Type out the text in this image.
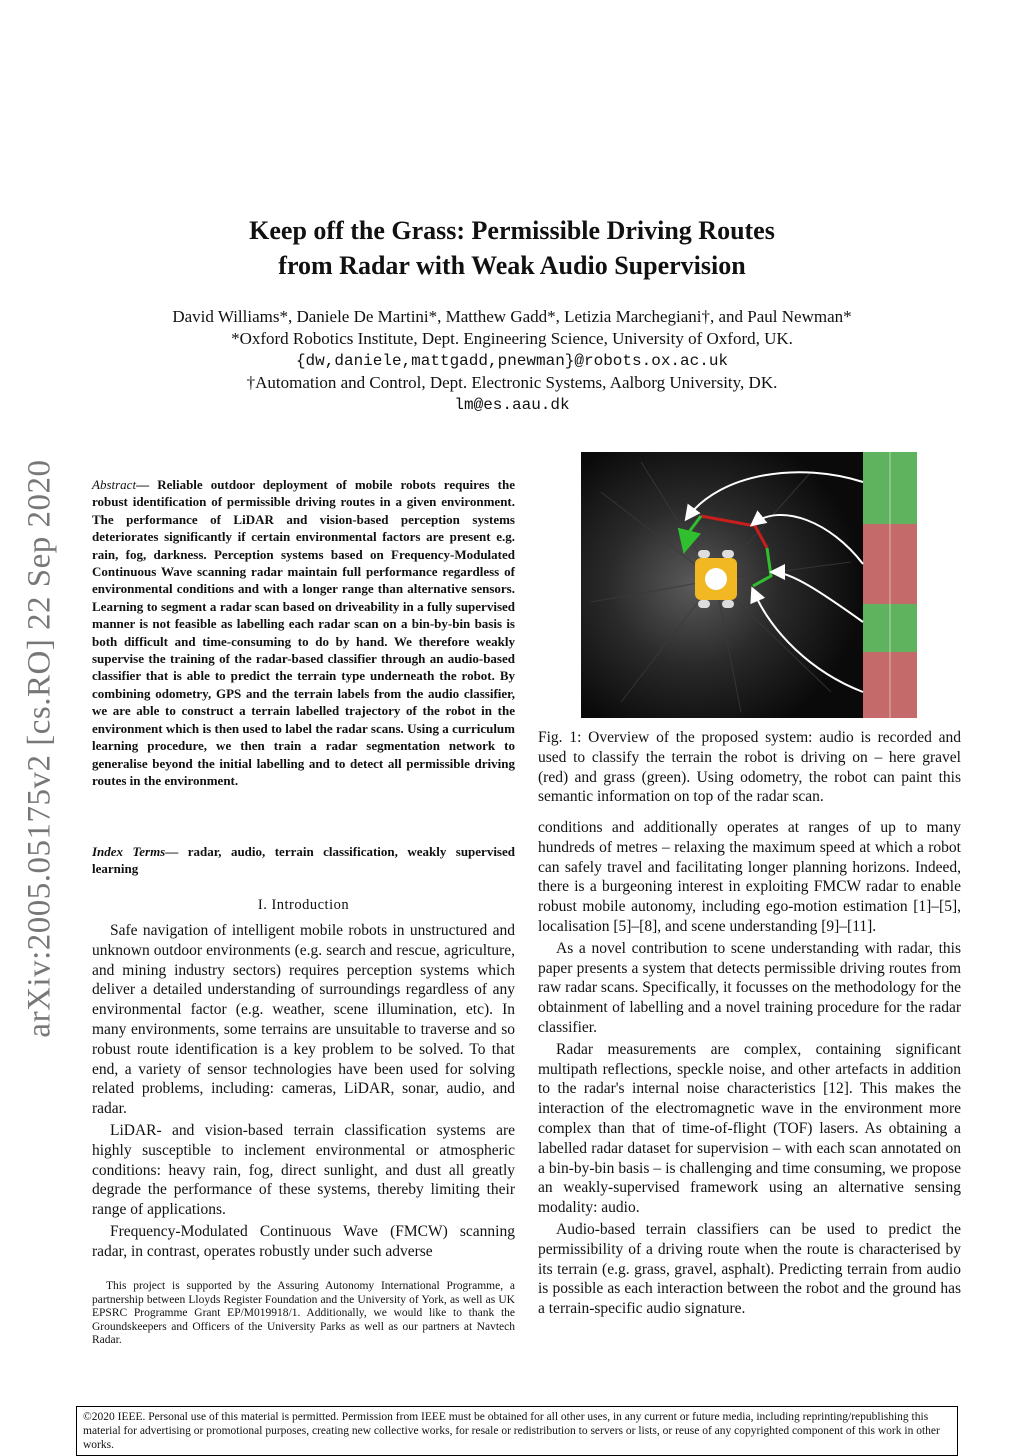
arXiv:2005.05175v2 [cs.RO] 22 Sep 2020
Keep off the Grass: Permissible Driving Routes
from Radar with Weak Audio Supervision
David Williams*, Daniele De Martini*, Matthew Gadd*, Letizia Marchegiani†, and Paul Newman*
*Oxford Robotics Institute, Dept. Engineering Science, University of Oxford, UK.
{dw,daniele,mattgadd,pnewman}@robots.ox.ac.uk
†Automation and Control, Dept. Electronic Systems, Aalborg University, DK.
lm@es.aau.dk
Abstract— Reliable outdoor deployment of mobile robots requires the robust identification of permissible driving routes in a given environment. The performance of LiDAR and vision-based perception systems deteriorates significantly if certain environmental factors are present e.g. rain, fog, darkness. Perception systems based on Frequency-Modulated Continuous Wave scanning radar maintain full performance regardless of environmental conditions and with a longer range than alternative sensors. Learning to segment a radar scan based on driveability in a fully supervised manner is not feasible as labelling each radar scan on a bin-by-bin basis is both difficult and time-consuming to do by hand. We therefore weakly supervise the training of the radar-based classifier through an audio-based classifier that is able to predict the terrain type underneath the robot. By combining odometry, GPS and the terrain labels from the audio classifier, we are able to construct a terrain labelled trajectory of the robot in the environment which is then used to label the radar scans. Using a curriculum learning procedure, we then train a radar segmentation network to generalise beyond the initial labelling and to detect all permissible driving routes in the environment.
Index Terms— radar, audio, terrain classification, weakly supervised learning
I. Introduction

Safe navigation of intelligent mobile robots in unstructured and unknown outdoor environments (e.g. search and rescue, agriculture, and mining industry sectors) requires perception systems which deliver a detailed understanding of surroundings regardless of any environmental factor (e.g. weather, scene illumination, etc). In many environments, some terrains are unsuitable to traverse and so robust route identification is a key problem to be solved. To that end, a variety of sensor technologies have been used for solving related problems, including: cameras, LiDAR, sonar, audio, and radar.

LiDAR- and vision-based terrain classification systems are highly susceptible to inclement environmental or atmospheric conditions: heavy rain, fog, direct sunlight, and dust all greatly degrade the performance of these systems, thereby limiting their range of applications.

Frequency-Modulated Continuous Wave (FMCW) scanning radar, in contrast, operates robustly under such adverse

This project is supported by the Assuring Autonomy International Programme, a partnership between Lloyds Register Foundation and the University of York, as well as UK EPSRC Programme Grant EP/M019918/1. Additionally, we would like to thank the Groundskeepers and Officers of the University Parks as well as our partners at Navtech Radar.

Fig. 1: Overview of the proposed system: audio is recorded and used to classify the terrain the robot is driving on – here gravel (red) and grass (green). Using odometry, the robot can paint this semantic information on top of the radar scan.

conditions and additionally operates at ranges of up to many hundreds of metres – relaxing the maximum speed at which a robot can safely travel and facilitating longer planning horizons. Indeed, there is a burgeoning interest in exploiting FMCW radar to enable robust mobile autonomy, including ego-motion estimation [1]–[5], localisation [5]–[8], and scene understanding [9]–[11].

As a novel contribution to scene understanding with radar, this paper presents a system that detects permissible driving routes from raw radar scans. Specifically, it focusses on the methodology for the obtainment of labelling and a novel training procedure for the radar classifier.

Radar measurements are complex, containing significant multipath reflections, speckle noise, and other artefacts in addition to the radar's internal noise characteristics [12]. This makes the interaction of the electromagnetic wave in the environment more complex than that of time-of-flight (TOF) lasers. As obtaining a labelled radar dataset for supervision – with each scan annotated on a bin-by-bin basis – is challenging and time consuming, we propose an weakly-supervised framework using an alternative sensing modality: audio.

Audio-based terrain classifiers can be used to predict the permissibility of a driving route when the route is characterised by its terrain (e.g. grass, gravel, asphalt). Predicting terrain from audio is possible as each interaction between the robot and the ground has a terrain-specific audio signature.

©2020 IEEE. Personal use of this material is permitted. Permission from IEEE must be obtained for all other uses, in any current or future media, including reprinting/republishing this material for advertising or promotional purposes, creating new collective works, for resale or redistribution to servers or lists, or reuse of any copyrighted component of this work in other works.
